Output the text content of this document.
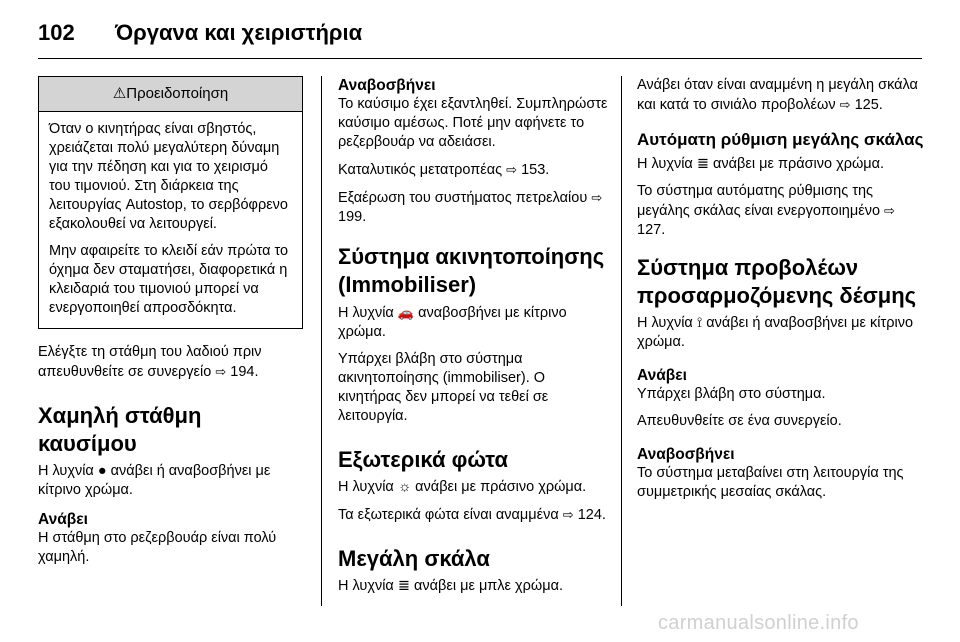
102 Όργανα και χειριστήρια
⚠Προειδοποίηση

Όταν ο κινητήρας είναι σβηστός, χρειάζεται πολύ μεγαλύτερη δύναμη για την πέδηση και για το χειρισμό του τιμονιού. Στη διάρκεια της λειτουργίας Autostop, το σερβόφρενο εξακολουθεί να λειτουργεί.

Μην αφαιρείτε το κλειδί εάν πρώτα το όχημα δεν σταματήσει, διαφορετικά η κλειδαριά του τιμονιού μπορεί να ενεργοποιηθεί απροσδόκητα.

Ελέγξτε τη στάθμη του λαδιού πριν απευθυνθείτε σε συνεργείο ⇨ 194.

Χαμηλή στάθμη καυσίμου

Η λυχνία ● ανάβει ή αναβοσβήνει με κίτρινο χρώμα.

Ανάβει

Η στάθμη στο ρεζερβουάρ είναι πολύ χαμηλή.

Αναβοσβήνει

Το καύσιμο έχει εξαντληθεί. Συμπληρώστε καύσιμο αμέσως. Ποτέ μην αφήνετε το ρεζερβουάρ να αδειάσει.

Καταλυτικός μετατροπέας ⇨ 153.

Εξαέρωση του συστήματος πετρελαίου ⇨ 199.

Σύστημα ακινητοποίησης (Immobiliser)

Η λυχνία 🚗 αναβοσβήνει με κίτρινο χρώμα.

Υπάρχει βλάβη στο σύστημα ακινητοποίησης (immobiliser). Ο κινητήρας δεν μπορεί να τεθεί σε λειτουργία.

Εξωτερικά φώτα

Η λυχνία ☼ ανάβει με πράσινο χρώμα.

Τα εξωτερικά φώτα είναι αναμμένα ⇨ 124.

Μεγάλη σκάλα

Η λυχνία ≣ ανάβει με μπλε χρώμα.

Ανάβει όταν είναι αναμμένη η μεγάλη σκάλα και κατά το σινιάλο προβολέων ⇨ 125.

Αυτόματη ρύθμιση μεγάλης σκάλας

Η λυχνία ≣ ανάβει με πράσινο χρώμα.

Το σύστημα αυτόματης ρύθμισης της μεγάλης σκάλας είναι ενεργοποιημένο ⇨ 127.

Σύστημα προβολέων προσαρμοζόμενης δέσμης

Η λυχνία ⟟ ανάβει ή αναβοσβήνει με κίτρινο χρώμα.

Ανάβει

Υπάρχει βλάβη στο σύστημα.

Απευθυνθείτε σε ένα συνεργείο.

Αναβοσβήνει

Το σύστημα μεταβαίνει στη λειτουργία της συμμετρικής μεσαίας σκάλας.

carmanualsonline.info
